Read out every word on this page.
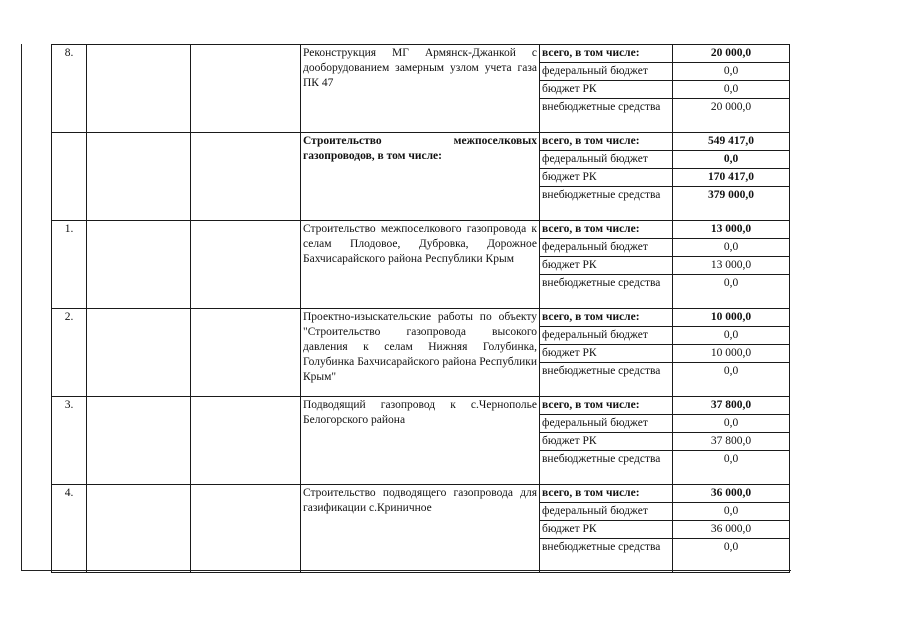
8.			Реконструкция МГ Армянск-Джанкой с дооборудованием замерным узлом учета газа ПК 47	всего, в том числе:	20 000,0
				федеральный бюджет	0,0
				бюджет РК	0,0
				внебюджетные средства	20 000,0
			Строительство межпоселковых газопроводов, в том числе:	всего, в том числе:	549 417,0
				федеральный бюджет	0,0
				бюджет РК	170 417,0
				внебюджетные средства	379 000,0
1.			Строительство межпоселкового газопровода к селам Плодовое, Дубровка, Дорожное Бахчисарайского района Республики Крым	всего, в том числе:	13 000,0
				федеральный бюджет	0,0
				бюджет РК	13 000,0
				внебюджетные средства	0,0
2.			Проектно-изыскательские работы по объекту "Строительство газопровода высокого давления к селам Нижняя Голубинка, Голубинка Бахчисарайского района Республики Крым"	всего, в том числе:	10 000,0
				федеральный бюджет	0,0
				бюджет РК	10 000,0
				внебюджетные средства	0,0
3.			Подводящий газопровод к с.Чернополье Белогорского района	всего, в том числе:	37 800,0
				федеральный бюджет	0,0
				бюджет РК	37 800,0
				внебюджетные средства	0,0
4.			Строительство подводящего газопровода для газификации с.Криничное	всего, в том числе:	36 000,0
				федеральный бюджет	0,0
				бюджет РК	36 000,0
				внебюджетные средства	0,0
